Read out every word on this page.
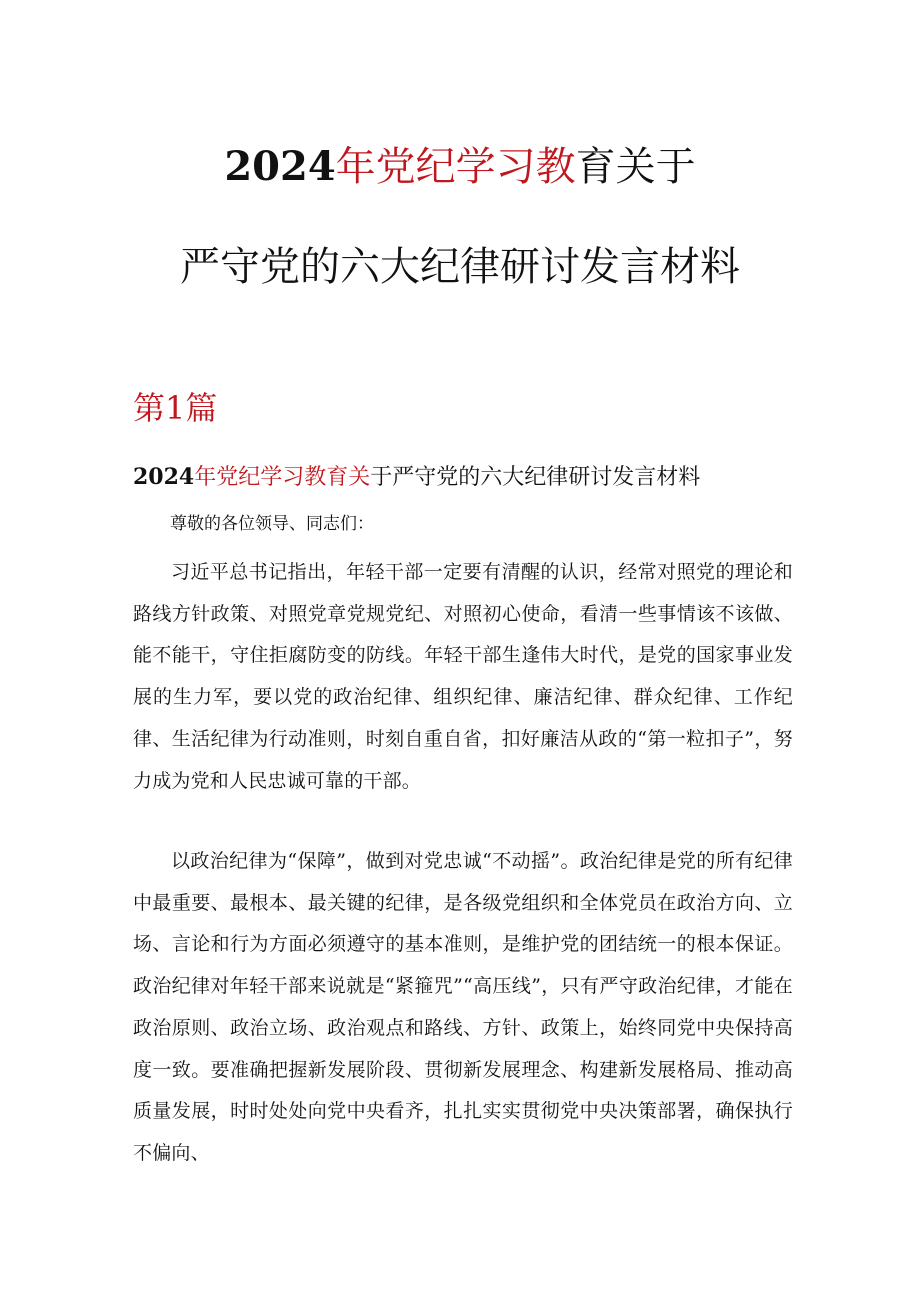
2024年党纪学习教育关于
严守党的六大纪律研讨发言材料
第1篇
2024年党纪学习教育关于严守党的六大纪律研讨发言材料
尊敬的各位领导、同志们：

习近平总书记指出，年轻干部一定要有清醒的认识，经常对照党的理论和路线方针政策、对照党章党规党纪、对照初心使命，看清一些事情该不该做、能不能干，守住拒腐防变的防线。年轻干部生逢伟大时代，是党的国家事业发展的生力军，要以党的政治纪律、组织纪律、廉洁纪律、群众纪律、工作纪律、生活纪律为行动准则，时刻自重自省，扣好廉洁从政的“第一粒扣子”，努力成为党和人民忠诚可靠的干部。

以政治纪律为“保障”，做到对党忠诚“不动摇”。政治纪律是党的所有纪律中最重要、最根本、最关键的纪律，是各级党组织和全体党员在政治方向、立场、言论和行为方面必须遵守的基本准则，是维护党的团结统一的根本保证。政治纪律对年轻干部来说就是“紧箍咒”“高压线”，只有严守政治纪律，才能在政治原则、政治立场、政治观点和路线、方针、政策上，始终同党中央保持高度一致。要准确把握新发展阶段、贯彻新发展理念、构建新发展格局、推动高质量发展，时时处处向党中央看齐，扎扎实实贯彻党中央决策部署，确保执行不偏向、
